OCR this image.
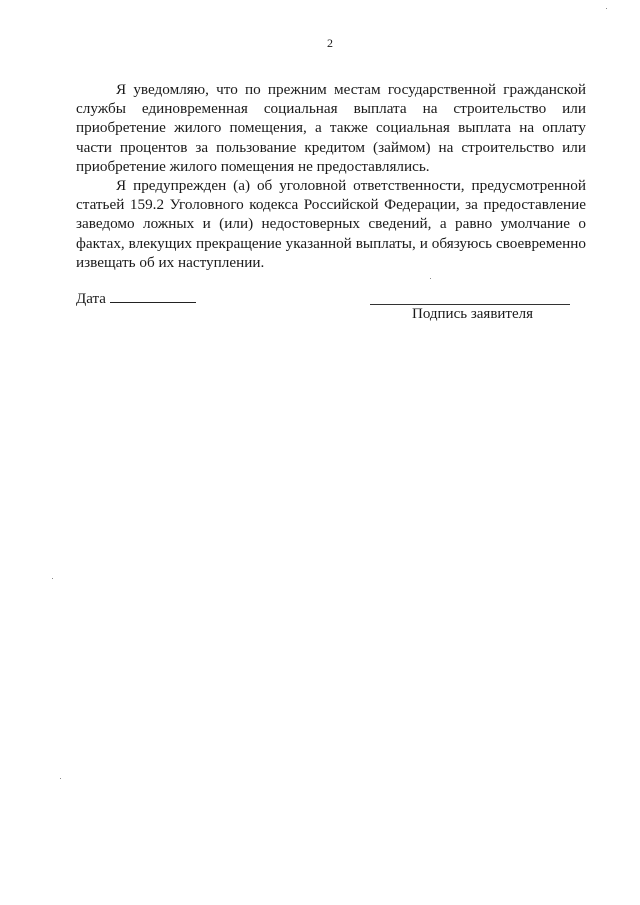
2

Я уведомляю, что по прежним местам государственной гражданской службы единовременная социальная выплата на строительство или приобретение жилого помещения, а также социальная выплата на оплату части процентов за пользование кредитом (займом) на строительство или приобретение жилого помещения не предоставлялись.

Я предупрежден (а) об уголовной ответственности, предусмотренной статьей 159.2 Уголовного кодекса Российской Федерации, за предоставление заведомо ложных и (или) недостоверных сведений, а равно умолчание о фактах, влекущих прекращение указанной выплаты, и обязуюсь своевременно извещать об их наступлении.

Дата
Подпись заявителя
